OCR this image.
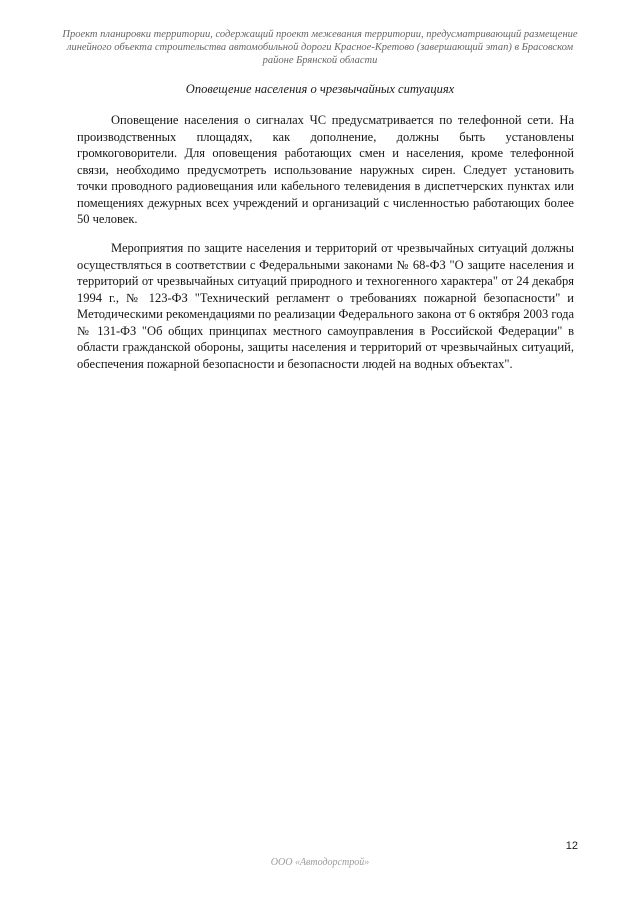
Проект планировки территории, содержащий проект межевания территории, предусматривающий размещение линейного объекта строительства автомобильной дороги Красное-Кретово (завершающий этап) в Брасовском районе Брянской области

Оповещение населения о чрезвычайных ситуациях

Оповещение населения о сигналах ЧС предусматривается по телефонной сети. На производственных площадях, как дополнение, должны быть установлены громкоговорители. Для оповещения работающих смен и населения, кроме телефонной связи, необходимо предусмотреть использование наружных сирен. Следует установить точки проводного радиовещания или кабельного телевидения в диспетчерских пунктах или помещениях дежурных всех учреждений и организаций с численностью работающих более 50 человек.

Мероприятия по защите населения и территорий от чрезвычайных ситуаций должны осуществляться в соответствии с Федеральными законами № 68-ФЗ "О защите населения и территорий от чрезвычайных ситуаций природного и техногенного характера" от 24 декабря 1994 г., № 123-ФЗ "Технический регламент о требованиях пожарной безопасности" и Методическими рекомендациями по реализации Федерального закона от 6 октября 2003 года № 131-ФЗ "Об общих принципах местного самоуправления в Российской Федерации" в области гражданской обороны, защиты населения и территорий от чрезвычайных ситуаций, обеспечения пожарной безопасности и безопасности людей на водных объектах".

12

ООО «Автодорстрой»
